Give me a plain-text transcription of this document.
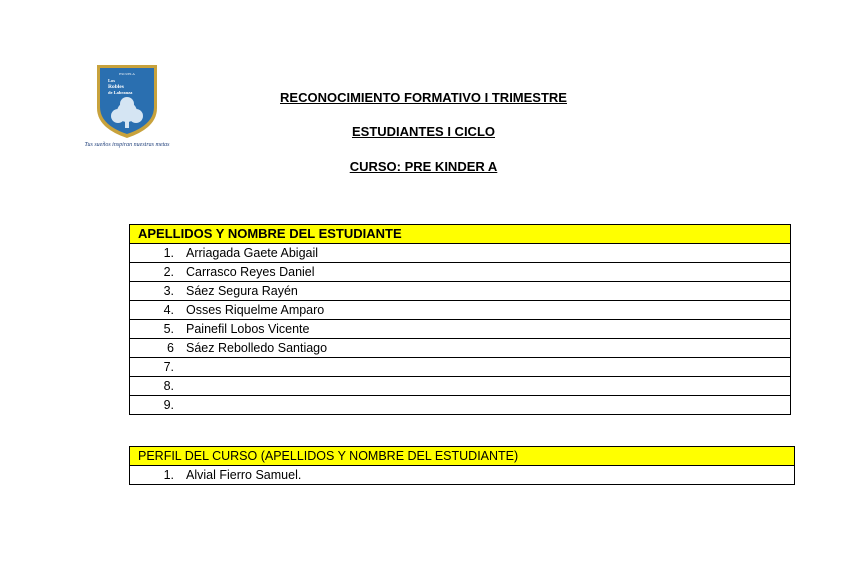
ESCUELA
Los
Robles
de Labranza
Tus sueños inspiran nuestras metas
RECONOCIMIENTO FORMATIVO I TRIMESTRE
ESTUDIANTES I CICLO
CURSO: PRE KINDER A
APELLIDOS Y NOMBRE DEL ESTUDIANTE
1. Arriagada Gaete Abigail
2. Carrasco Reyes Daniel
3. Sáez Segura Rayén
4. Osses Riquelme Amparo
5. Painefil Lobos Vicente
6 Sáez Rebolledo Santiago
7.
8.
9.
PERFIL DEL CURSO (APELLIDOS Y NOMBRE DEL ESTUDIANTE)
1. Alvial Fierro Samuel.
